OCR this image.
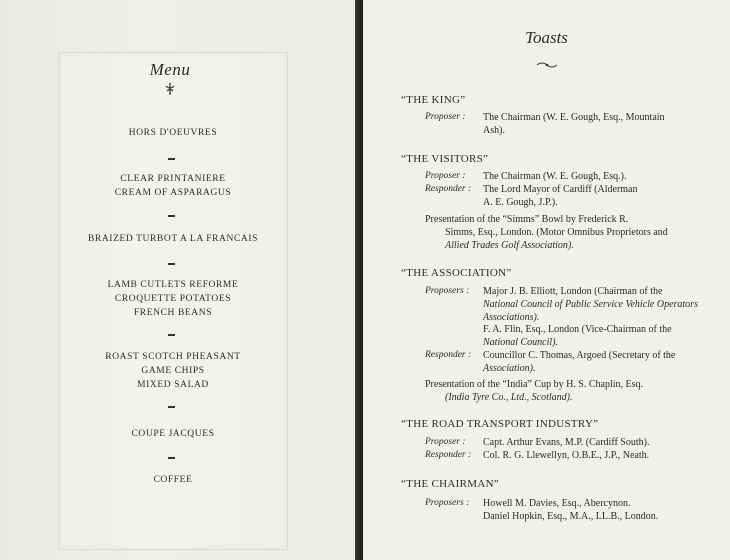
Menu
HORS D'OEUVRES
CLEAR PRINTANIERE
CREAM OF ASPARAGUS
BRAIZED TURBOT A LA FRANCAIS
LAMB CUTLETS REFORME
CROQUETTE POTATOES
FRENCH BEANS
ROAST SCOTCH PHEASANT
GAME CHIPS
MIXED SALAD
COUPE JACQUES
COFFEE
Toasts
“THE KING”
Proposer : The Chairman (W. E. Gough, Esq., Mountain
Ash).
“THE VISITORS”
Proposer : The Chairman (W. E. Gough, Esq.).
Responder : The Lord Mayor of Cardiff (Alderman
A. E. Gough, J.P.).
Presentation of the “Simms” Bowl by Frederick R.
Simms, Esq., London. (Motor Omnibus Proprietors and
Allied Trades Golf Association).
“THE ASSOCIATION”
Proposers : Major J. B. Elliott, London (Chairman of the
National Council of Public Service Vehicle Operators
Associations).
F. A. Flin, Esq., London (Vice-Chairman of the
National Council).
Responder : Councillor C. Thomas, Argoed (Secretary of the
Association).
Presentation of the “India” Cup by H. S. Chaplin, Esq.
(India Tyre Co., Ltd., Scotland).
“THE ROAD TRANSPORT INDUSTRY”
Proposer : Capt. Arthur Evans, M.P. (Cardiff South).
Responder : Col. R. G. Llewellyn, O.B.E., J.P., Neath.
“THE CHAIRMAN”
Proposers : Howell M. Davies, Esq., Abercynon.
Daniel Hopkin, Esq., M.A., LL.B., London.
